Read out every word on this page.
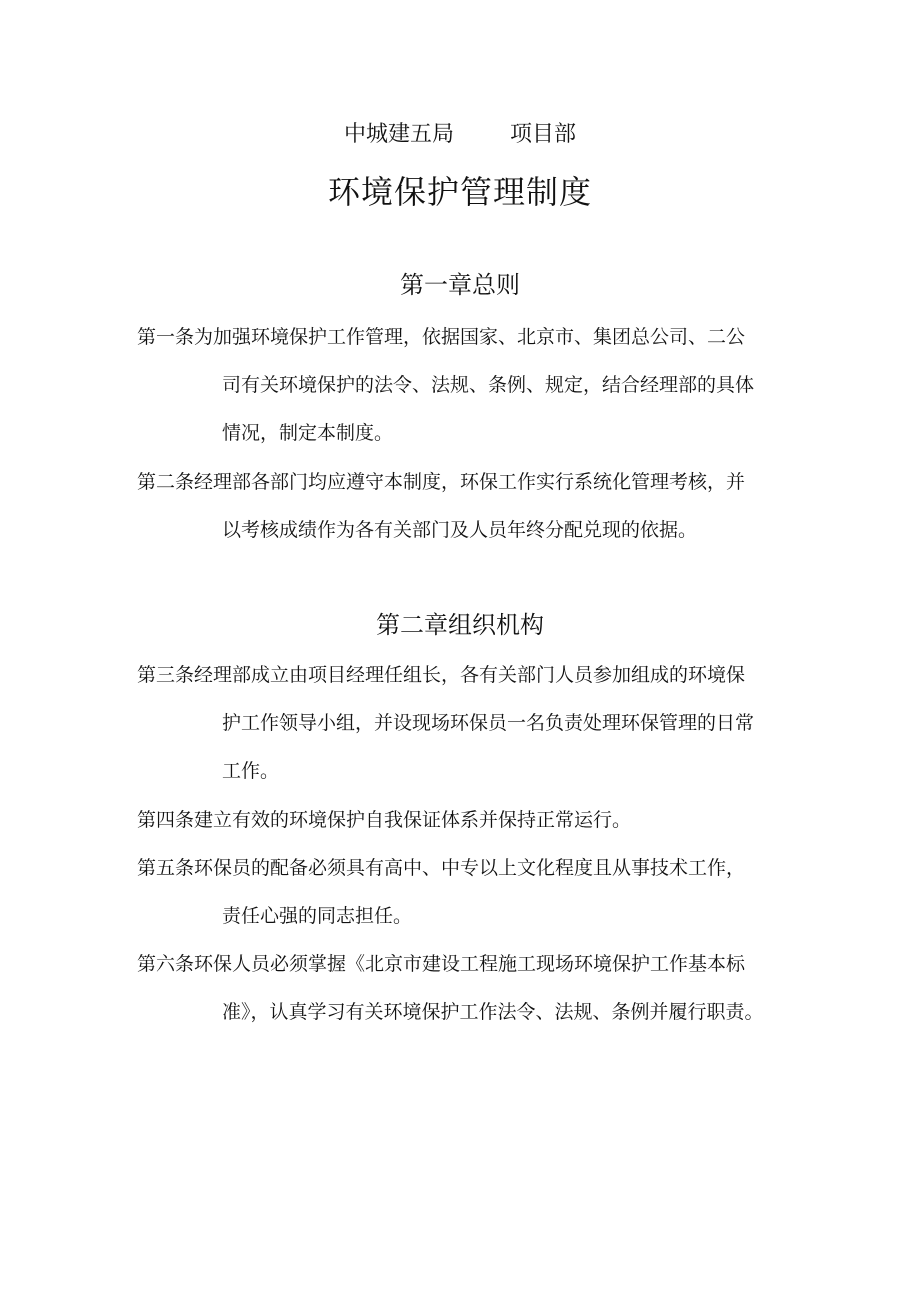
中城建五局	项目部
环境保护管理制度
第一章总则
第一条为加强环境保护工作管理，依据国家、北京市、集团总公司、二公
司有关环境保护的法令、法规、条例、规定，结合经理部的具体
情况，制定本制度。
第二条经理部各部门均应遵守本制度，环保工作实行系统化管理考核，并
以考核成绩作为各有关部门及人员年终分配兑现的依据。
第二章组织机构
第三条经理部成立由项目经理任组长，各有关部门人员参加组成的环境保
护工作领导小组，并设现场环保员一名负责处理环保管理的日常
工作。
第四条建立有效的环境保护自我保证体系并保持正常运行。
第五条环保员的配备必须具有高中、中专以上文化程度且从事技术工作，
责任心强的同志担任。
第六条环保人员必须掌握《北京市建设工程施工现场环境保护工作基本标
准》，认真学习有关环境保护工作法令、法规、条例并履行职责。
